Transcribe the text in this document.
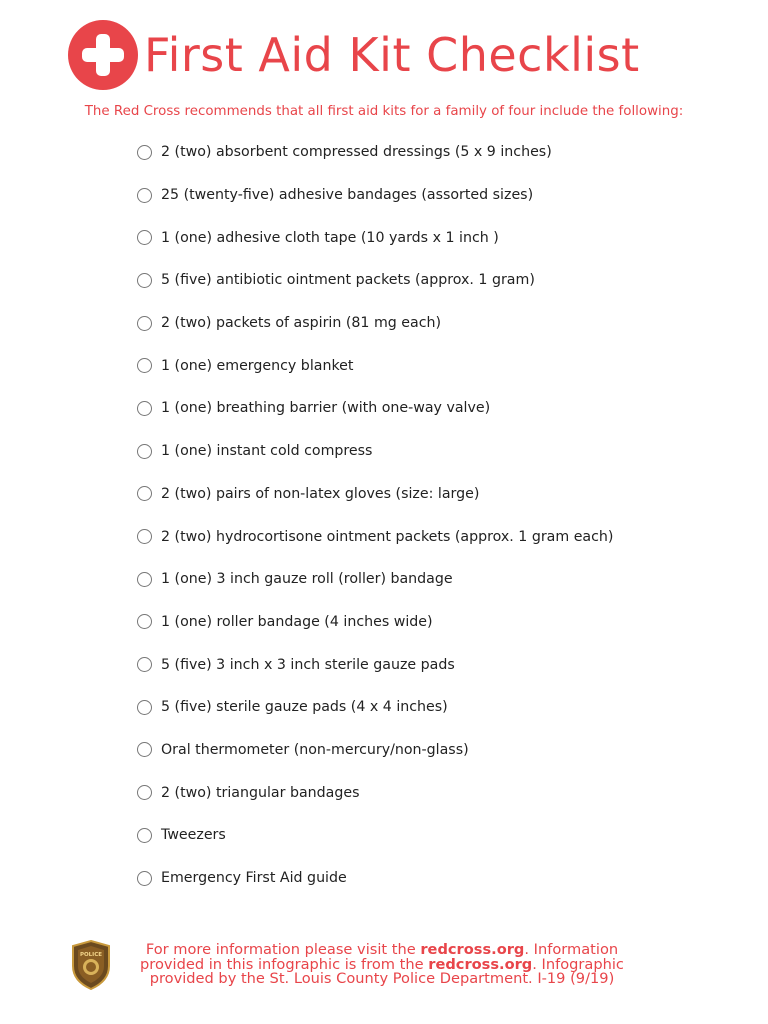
First Aid Kit Checklist
The Red Cross recommends that all first aid kits for a family of four include the following:
2 (two) absorbent compressed dressings (5 x 9 inches)
25 (twenty-five) adhesive bandages (assorted sizes)
1 (one) adhesive cloth tape (10 yards x 1 inch )
5 (five) antibiotic ointment packets (approx. 1 gram)
2 (two) packets of aspirin (81 mg each)
1 (one) emergency blanket
1 (one) breathing barrier (with one-way valve)
1 (one) instant cold compress
2 (two) pairs of non-latex gloves (size: large)
2 (two) hydrocortisone ointment packets (approx. 1 gram each)
1 (one) 3 inch gauze roll (roller) bandage
1 (one) roller bandage (4 inches wide)
5 (five) 3 inch x 3 inch sterile gauze pads
5 (five) sterile gauze pads (4 x 4 inches)
Oral thermometer (non-mercury/non-glass)
2 (two) triangular bandages
Tweezers
Emergency First Aid guide
POLICE	For more information please visit the redcross.org. Information provided in this infographic is from the redcross.org. Infographic provided by the St. Louis County Police Department. I-19 (9/19)
